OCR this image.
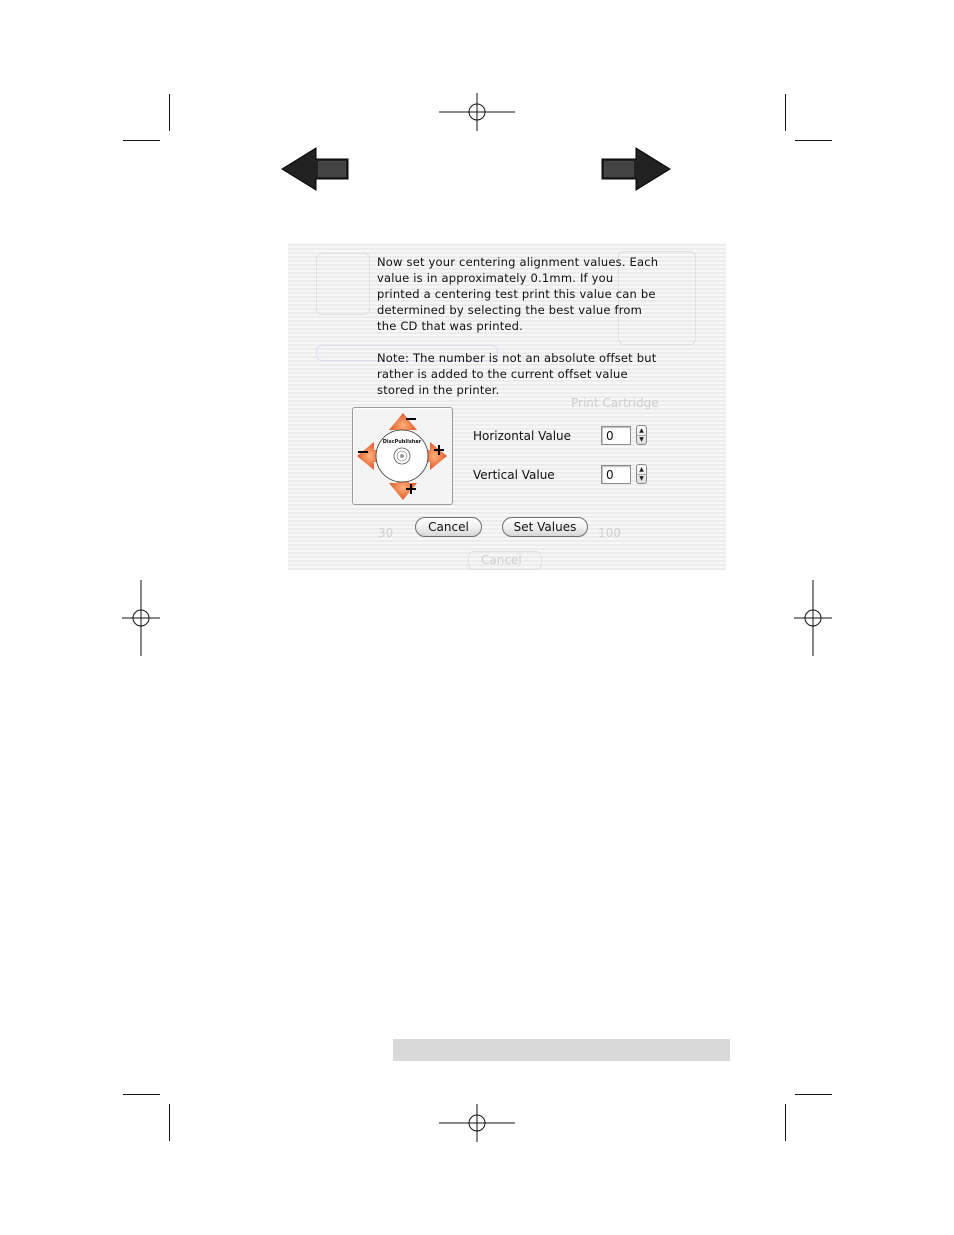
Print Cartridge
30	100
Cancel
Now set your centering alignment values. Each
value is in approximately 0.1mm. If you
printed a centering test print this value can be
determined by selecting the best value from
the CD that was printed.
Note: The number is not an absolute offset but
rather is added to the current offset value
stored in the printer.
DiscPublisher	Horizontal Value	0	▲
▼
Vertical Value	0	▲
▼
Cancel	Set Values
